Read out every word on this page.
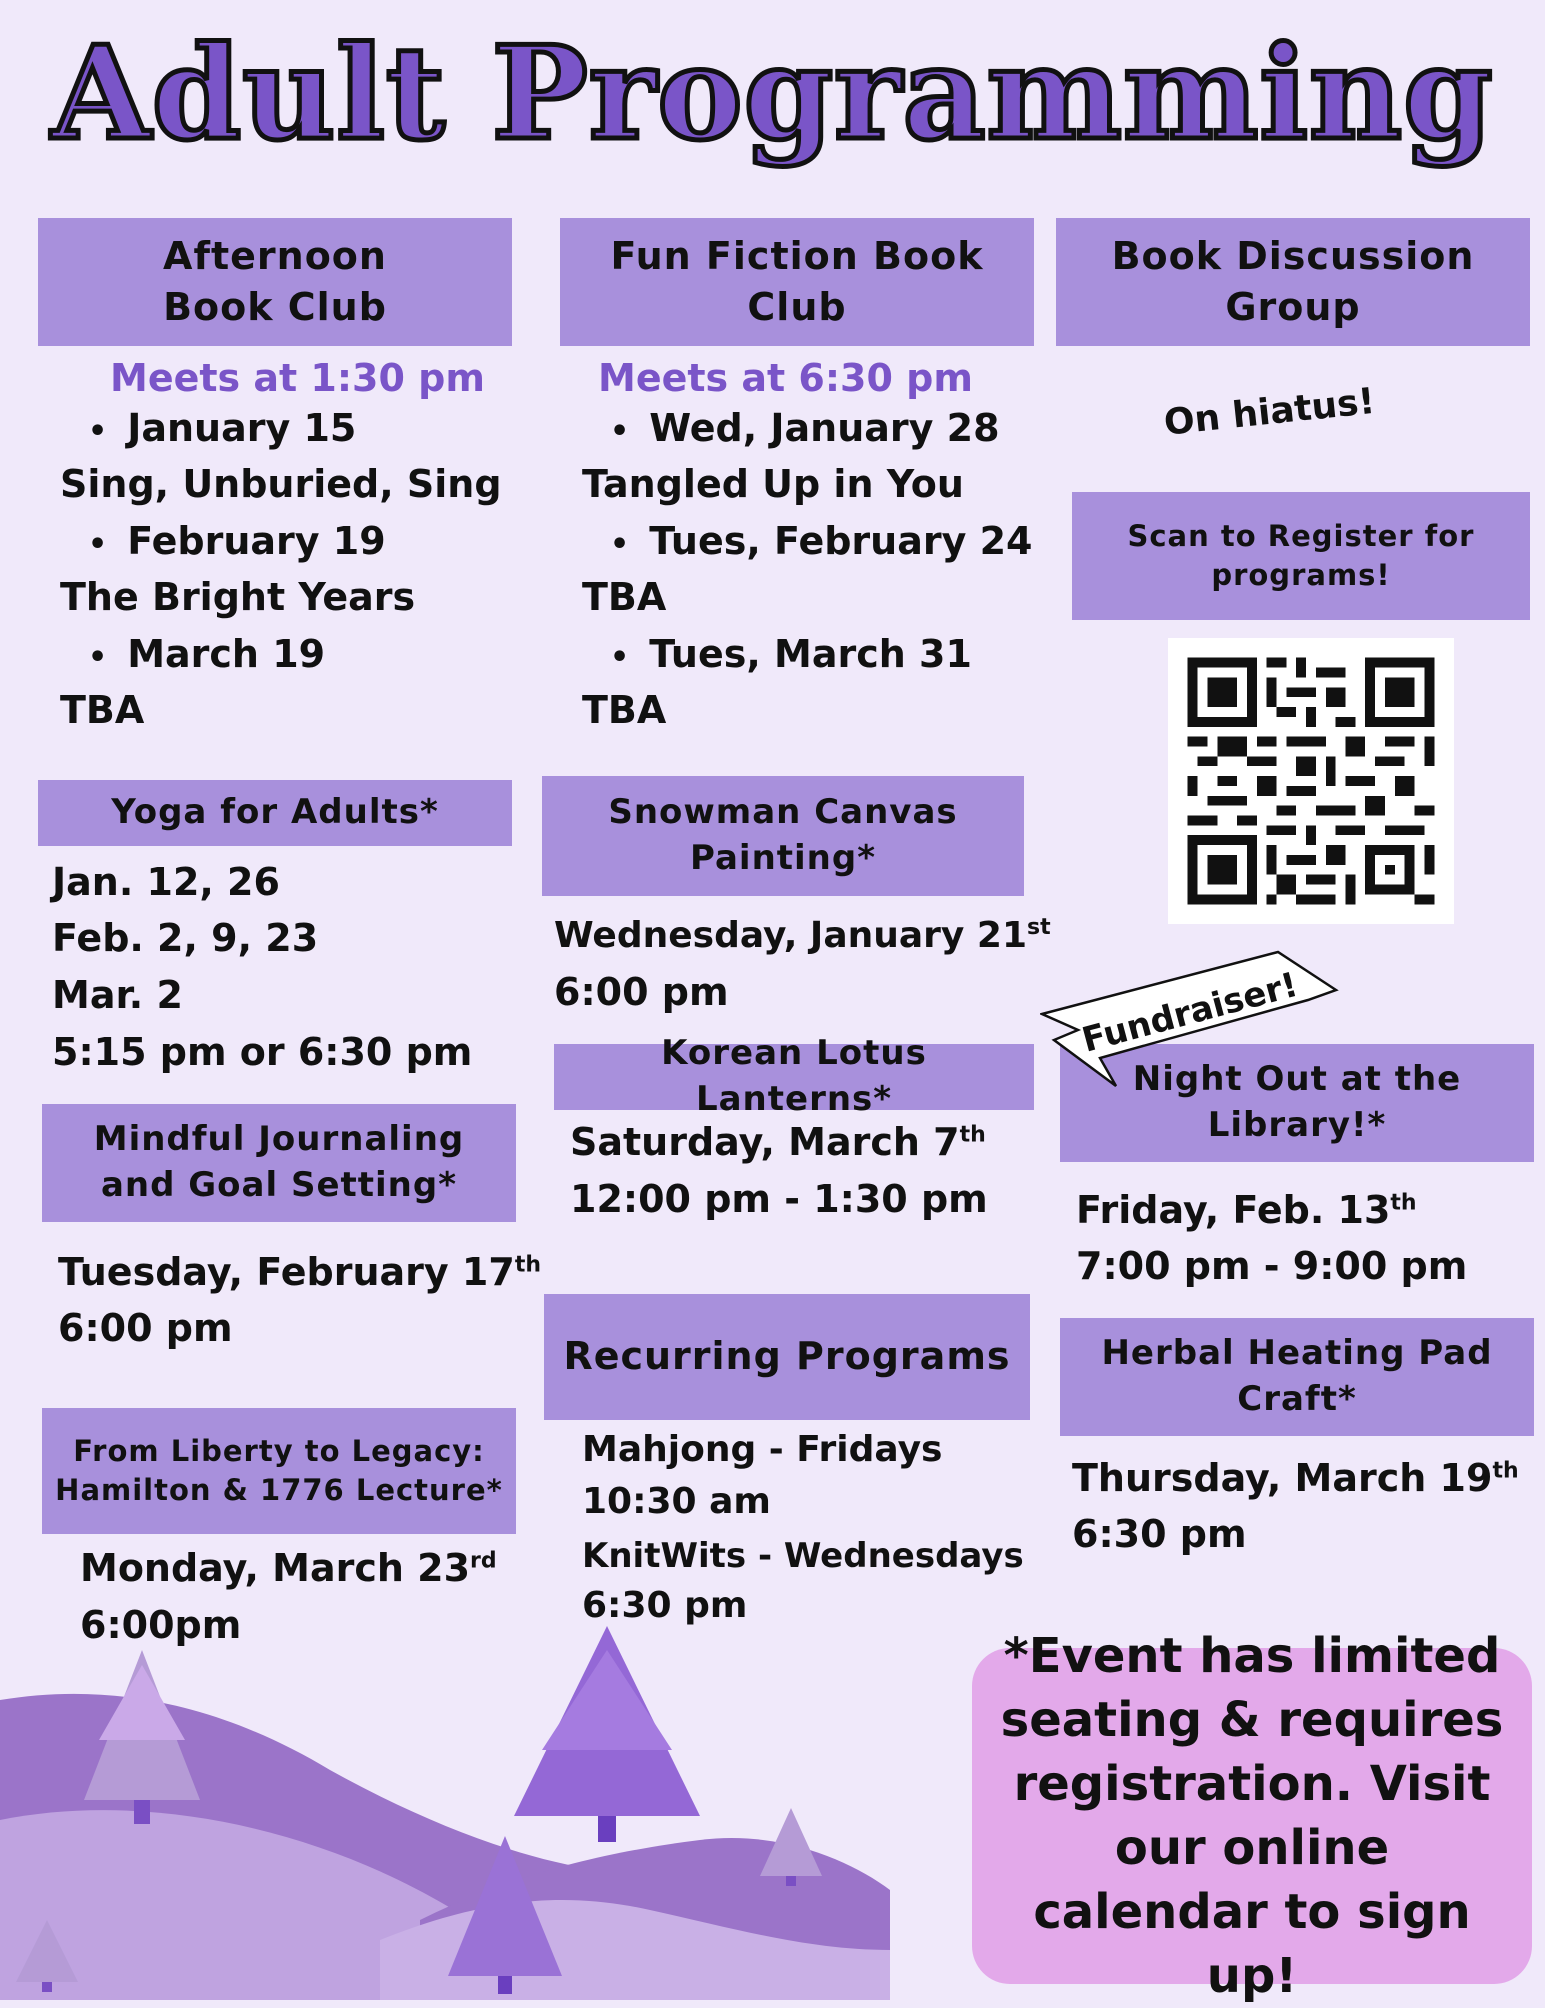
Adult Programming
Afternoon
Book Club
Meets at 1:30 pm
• January 15
Sing, Unburied, Sing
• February 19
The Bright Years
• March 19
TBA
Fun Fiction Book
Club
Meets at 6:30 pm
• Wed, January 28
Tangled Up in You
• Tues, February 24
TBA
• Tues, March 31
TBA
Book Discussion
Group
On hiatus!
Scan to Register for
programs!
Yoga for Adults*
Jan. 12, 26
Feb. 2, 9, 23
Mar. 2
5:15 pm or 6:30 pm
Snowman Canvas
Painting*
Wednesday, January 21st
6:00 pm
Korean Lotus Lanterns*
Saturday, March 7th
12:00 pm - 1:30 pm
Night Out at the
Library!*
Fundraiser!
Friday, Feb. 13th
7:00 pm - 9:00 pm
Mindful Journaling
and Goal Setting*
Tuesday, February 17th
6:00 pm
Recurring Programs
Mahjong - Fridays
10:30 am
KnitWits - Wednesdays
6:30 pm
Herbal Heating Pad
Craft*
Thursday, March 19th
6:30 pm
From Liberty to Legacy:
Hamilton & 1776 Lecture*
Monday, March 23rd
6:00pm
*Event has limited seating & requires registration. Visit our online calendar to sign up!
